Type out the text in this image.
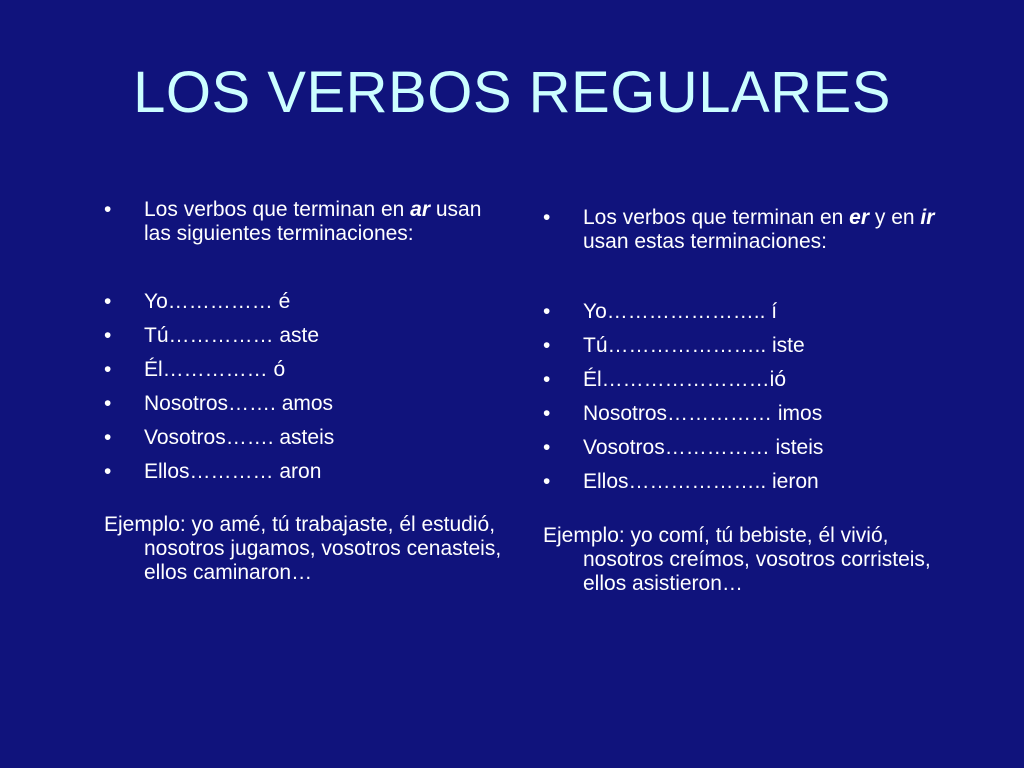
LOS VERBOS REGULARES
•	Los verbos que terminan en ar usan las siguientes terminaciones:
•	Yo…………… é
•	Tú…………… aste
•	Él…………… ó
•	Nosotros……. amos
•	Vosotros……. asteis
•	Ellos………… aron
Ejemplo: yo amé, tú trabajaste, él estudió, nosotros jugamos, vosotros cenasteis, ellos caminaron…
•	Los verbos que terminan en er y en ir usan estas terminaciones:
•	Yo………………….. í
•	Tú………………….. iste
•	Él……………………ió
•	Nosotros…………… imos
•	Vosotros…………… isteis
•	Ellos……………….. ieron
Ejemplo: yo comí, tú bebiste, él vivió, nosotros creímos, vosotros corristeis, ellos asistieron…
